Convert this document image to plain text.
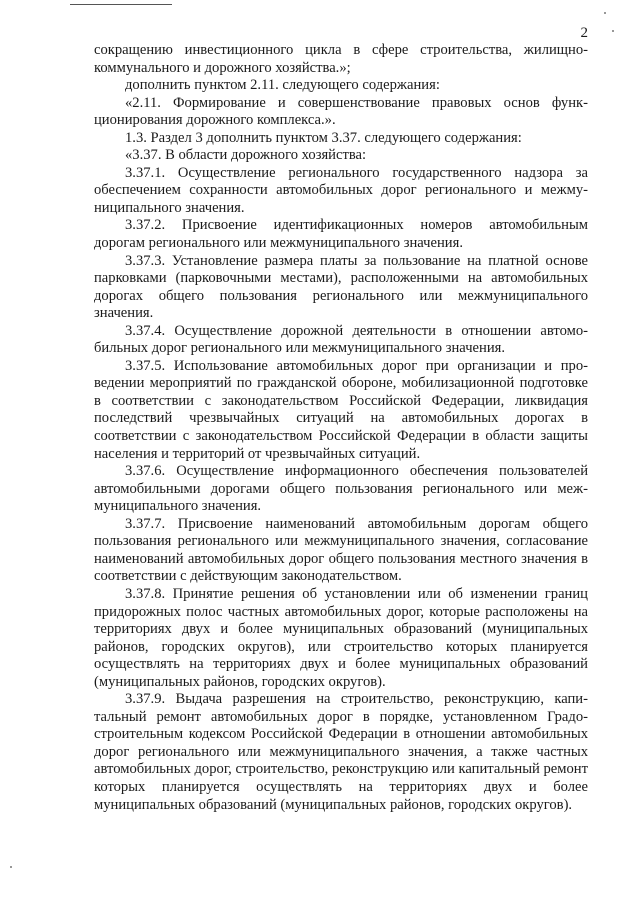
2

сокращению инвестиционного цикла в сфере строительства, жилищно-коммунального и дорожного хозяйства.»;

дополнить пунктом 2.11. следующего содержания:

«2.11. Формирование и совершенствование правовых основ функционирования дорожного комплекса.».

1.3. Раздел 3 дополнить пунктом 3.37. следующего содержания:

«3.37. В области дорожного хозяйства:

3.37.1. Осуществление регионального государственного надзора за обеспечением сохранности автомобильных дорог регионального и межмуниципального значения.

3.37.2. Присвоение идентификационных номеров автомобильным дорогам регионального или межмуниципального значения.

3.37.3. Установление размера платы за пользование на платной основе парковками (парковочными местами), расположенными на автомобильных дорогах общего пользования регионального или межмуниципального значения.

3.37.4. Осуществление дорожной деятельности в отношении автомобильных дорог регионального или межмуниципального значения.

3.37.5. Использование автомобильных дорог при организации и проведении мероприятий по гражданской обороне, мобилизационной подготовке в соответствии с законодательством Российской Федерации, ликвидация последствий чрезвычайных ситуаций на автомобильных дорогах в соответствии с законодательством Российской Федерации в области защиты населения и территорий от чрезвычайных ситуаций.

3.37.6. Осуществление информационного обеспечения пользователей автомобильными дорогами общего пользования регионального или межмуниципального значения.

3.37.7. Присвоение наименований автомобильным дорогам общего пользования регионального или межмуниципального значения, согласование наименований автомобильных дорог общего пользования местного значения в соответствии с действующим законодательством.

3.37.8. Принятие решения об установлении или об изменении границ придорожных полос частных автомобильных дорог, которые расположены на территориях двух и более муниципальных образований (муниципальных районов, городских округов), или строительство которых планируется осуществлять на территориях двух и более муниципальных образований (муниципальных районов, городских округов).

3.37.9. Выдача разрешения на строительство, реконструкцию, капитальный ремонт автомобильных дорог в порядке, установленном Градостроительным кодексом Российской Федерации в отношении автомобильных дорог регионального или межмуниципального значения, а также частных автомобильных дорог, строительство, реконструкцию или капитальный ремонт которых планируется осуществлять на территориях двух и более муниципальных образований (муниципальных районов, городских округов).
